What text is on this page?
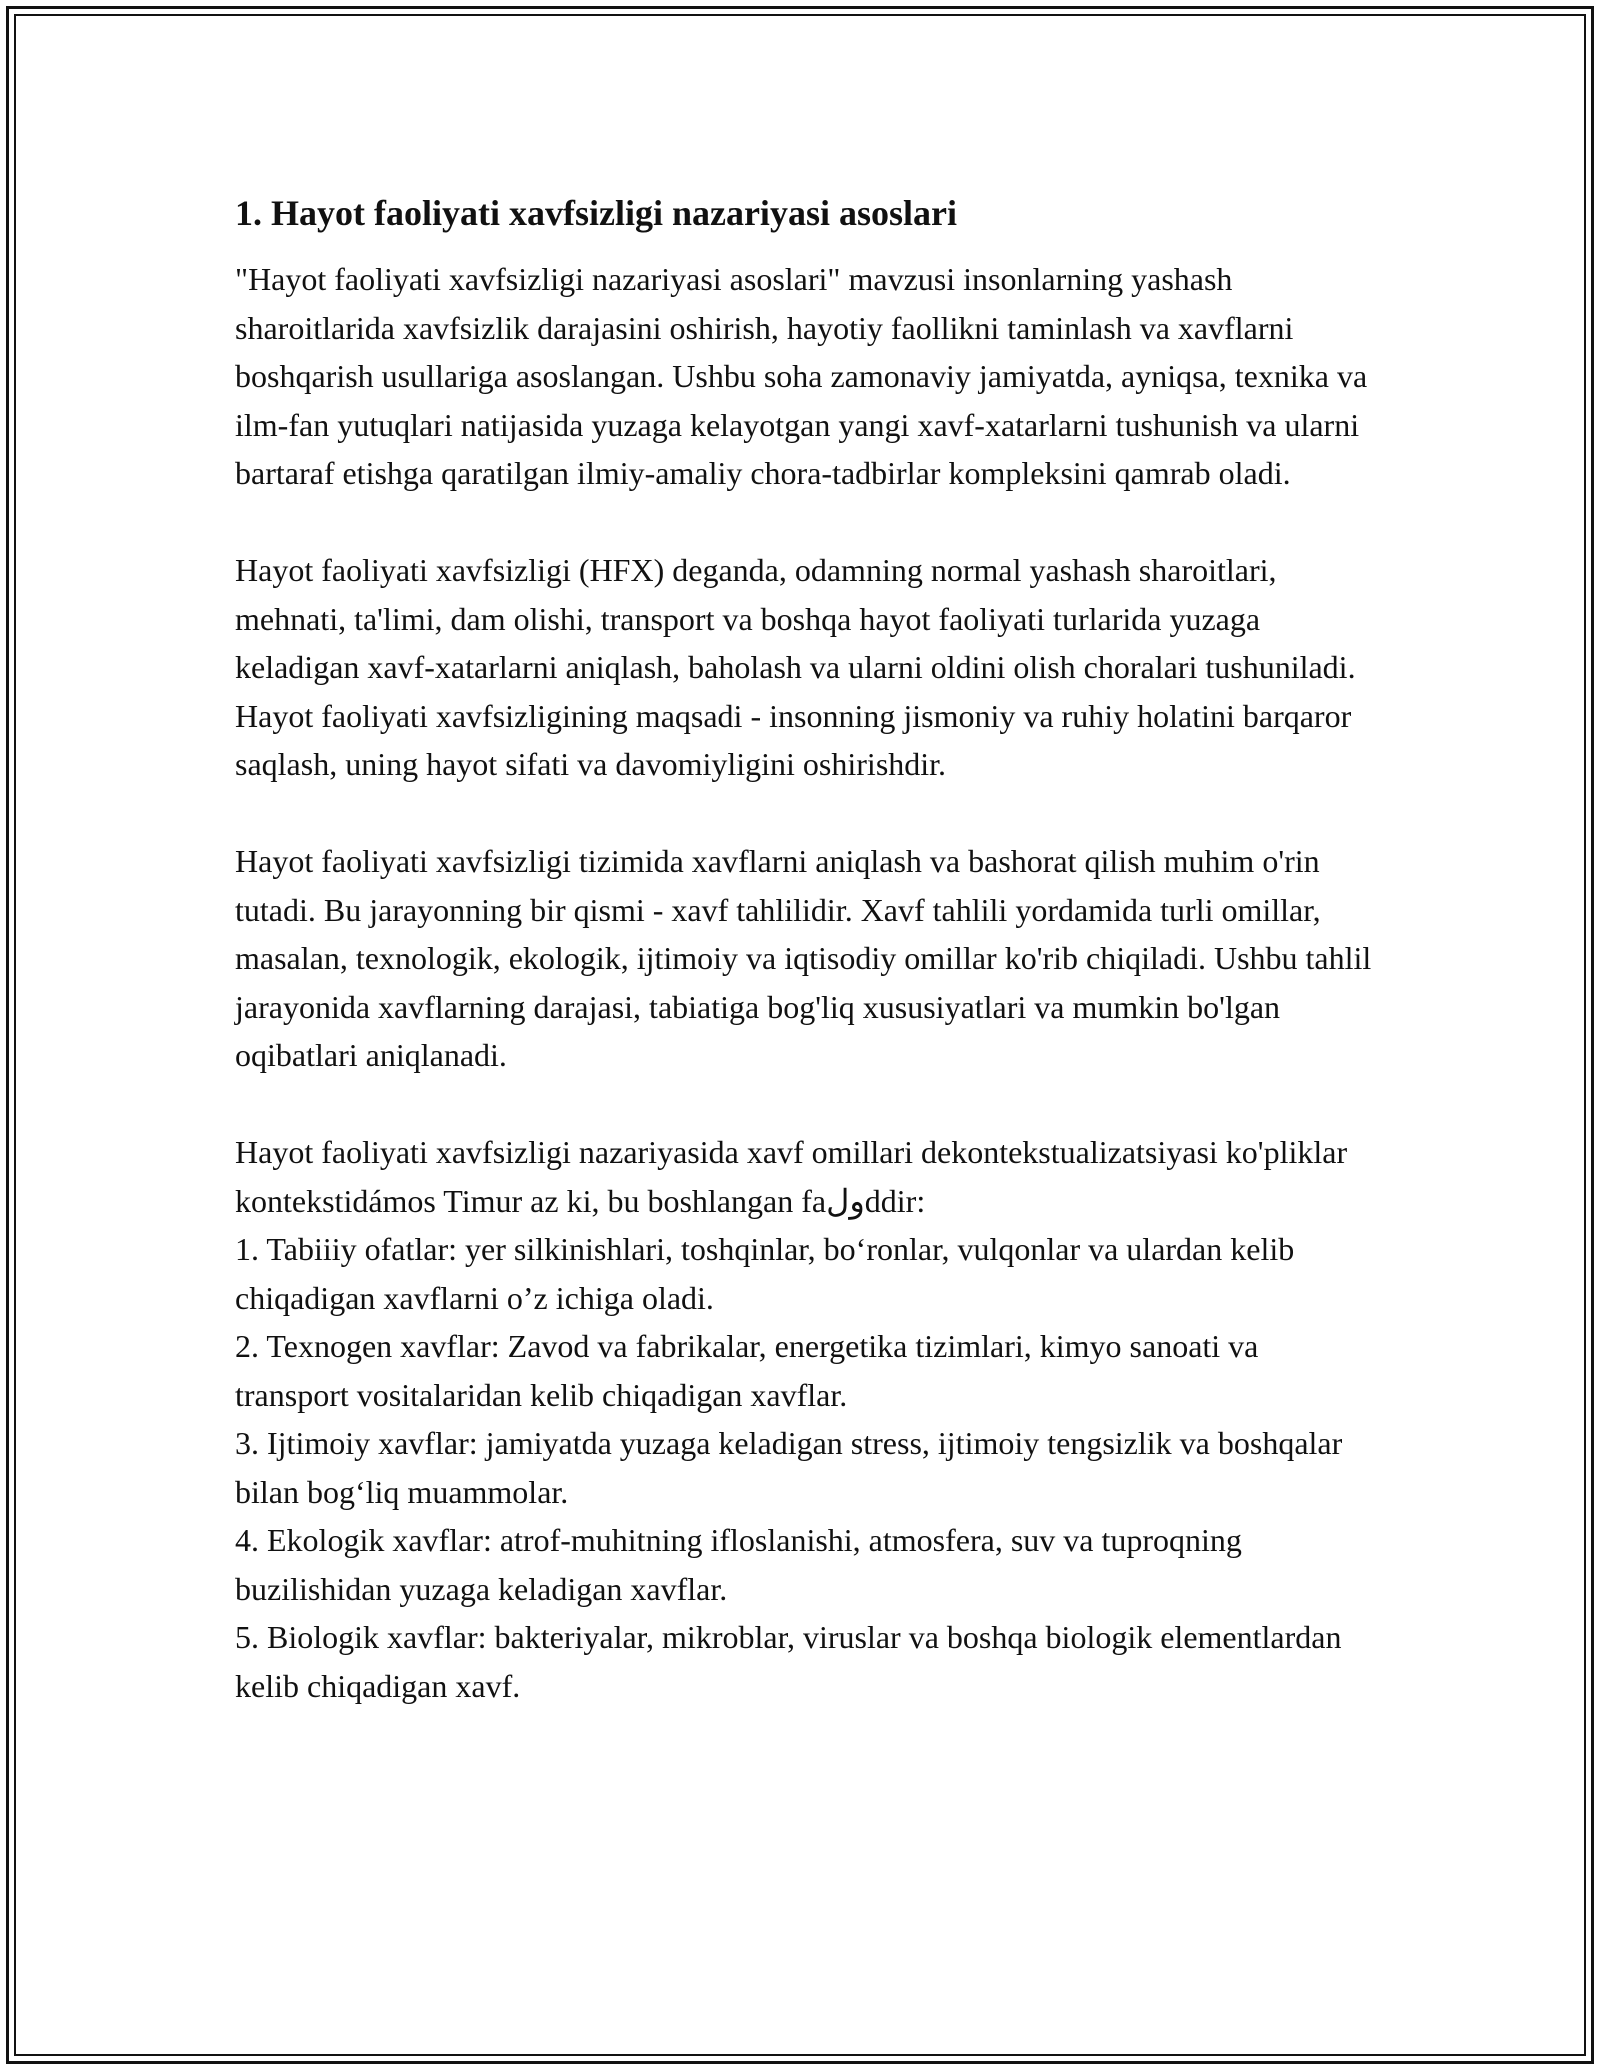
1. Hayot faoliyati xavfsizligi nazariyasi asoslari

"Hayot faoliyati xavfsizligi nazariyasi asoslari" mavzusi insonlarning yashash sharoitlarida xavfsizlik darajasini oshirish, hayotiy faollikni taminlash va xavflarni boshqarish usullariga asoslangan. Ushbu soha zamonaviy jamiyatda, ayniqsa, texnika va ilm-fan yutuqlari natijasida yuzaga kelayotgan yangi xavf-xatarlarni tushunish va ularni bartaraf etishga qaratilgan ilmiy-amaliy chora-tadbirlar kompleksini qamrab oladi.

Hayot faoliyati xavfsizligi (HFX) deganda, odamning normal yashash sharoitlari, mehnati, ta'limi, dam olishi, transport va boshqa hayot faoliyati turlarida yuzaga keladigan xavf-xatarlarni aniqlash, baholash va ularni oldini olish choralari tushuniladi. Hayot faoliyati xavfsizligining maqsadi - insonning jismoniy va ruhiy holatini barqaror saqlash, uning hayot sifati va davomiyligini oshirishdir.

Hayot faoliyati xavfsizligi tizimida xavflarni aniqlash va bashorat qilish muhim o'rin tutadi. Bu jarayonning bir qismi - xavf tahlilidir. Xavf tahlili yordamida turli omillar, masalan, texnologik, ekologik, ijtimoiy va iqtisodiy omillar ko'rib chiqiladi. Ushbu tahlil jarayonida xavflarning darajasi, tabiatiga bog'liq xususiyatlari va mumkin bo'lgan oqibatlari aniqlanadi.

Hayot faoliyati xavfsizligi nazariyasida xavf omillari dekontekstualizatsiyasi ko'pliklar kontekstidámos Timur az ki, bu boshlangan faولddir:

1. Tabiiiy ofatlar: yer silkinishlari, toshqinlar, bo‘ronlar, vulqonlar va ulardan kelib chiqadigan xavflarni o’z ichiga oladi.
2. Texnogen xavflar: Zavod va fabrikalar, energetika tizimlari, kimyo sanoati va transport vositalaridan kelib chiqadigan xavflar.
3. Ijtimoiy xavflar: jamiyatda yuzaga keladigan stress, ijtimoiy tengsizlik va boshqalar bilan bog‘liq muammolar.
4. Ekologik xavflar: atrof-muhitning ifloslanishi, atmosfera, suv va tuproqning buzilishidan yuzaga keladigan xavflar.
5. Biologik xavflar: bakteriyalar, mikroblar, viruslar va boshqa biologik elementlardan kelib chiqadigan xavf.
